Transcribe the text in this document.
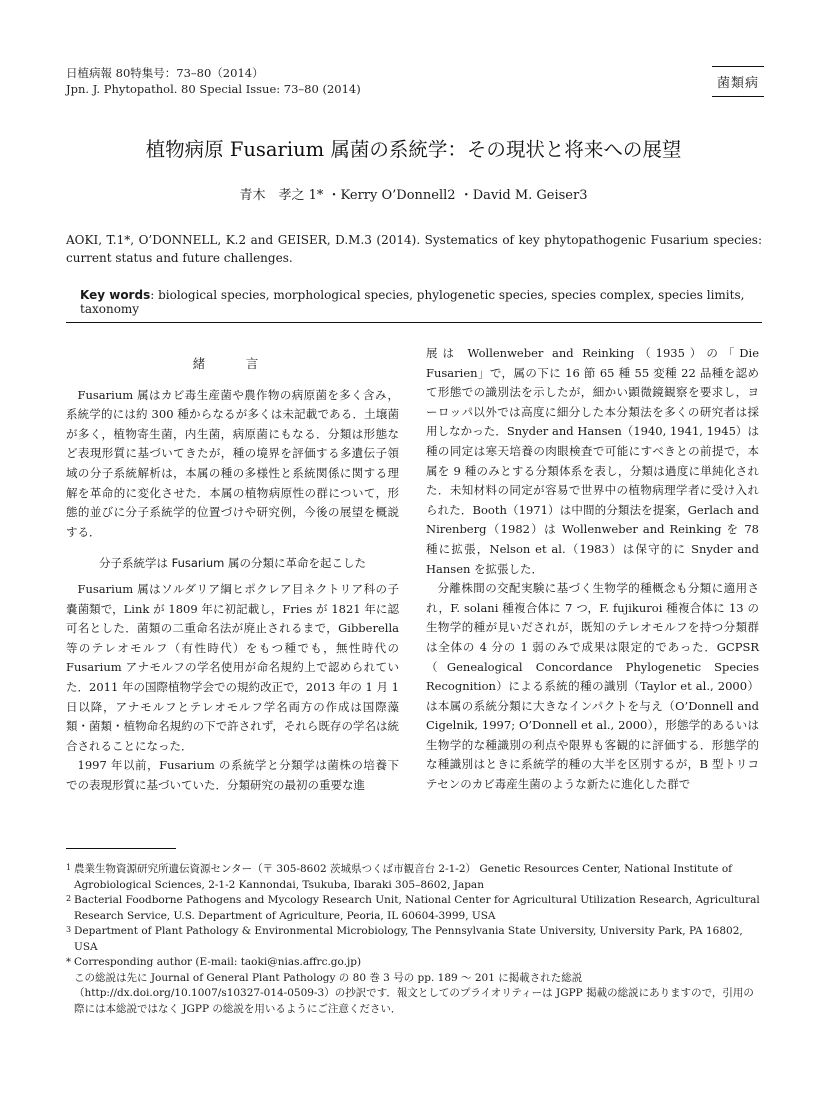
日植病報 80特集号：73–80（2014）
Jpn. J. Phytopathol. 80 Special Issue: 73–80 (2014)	菌類病
植物病原 Fusarium 属菌の系統学：その現状と将来への展望
青木　孝之 1* ・Kerry O’Donnell2 ・David M. Geiser3
AOKI, T.1*, O’DONNELL, K.2 and GEISER, D.M.3 (2014). Systematics of key phytopathogenic Fusarium species: current status and future challenges.
Key words: biological species, morphological species, phylogenetic species, species complex, species limits, taxonomy
緒　言

Fusarium 属はカビ毒生産菌や農作物の病原菌を多く含み，系統学的には約 300 種からなるが多くは未記載である．土壌菌が多く，植物寄生菌，内生菌，病原菌にもなる．分類は形態など表現形質に基づいてきたが，種の境界を評価する多遺伝子領域の分子系統解析は，本属の種の多様性と系統関係に関する理解を革命的に変化させた．本属の植物病原性の群について，形態的並びに分子系統学的位置づけや研究例，今後の展望を概説する．

分子系統学は Fusarium 属の分類に革命を起こした

Fusarium 属はソルダリア綱ヒポクレア目ネクトリア科の子嚢菌類で，Link が 1809 年に初記載し，Fries が 1821 年に認可名とした．菌類の二重命名法が廃止されるまで，Gibberella 等のテレオモルフ（有性時代）をもつ種でも，無性時代の Fusarium アナモルフの学名使用が命名規約上で認められていた．2011 年の国際植物学会での規約改正で，2013 年の 1 月 1 日以降，アナモルフとテレオモルフ学名両方の作成は国際藻類・菌類・植物命名規約の下で許されず，それら既存の学名は統合されることになった．

1997 年以前，Fusarium の系統学と分類学は菌株の培養下での表現形質に基づいていた．分類研究の最初の重要な進

展は Wollenweber and Reinking（1935）の「Die Fusarien」で，属の下に 16 節 65 種 55 変種 22 品種を認めて形態での識別法を示したが，細かい顕微鏡観察を要求し，ヨーロッパ以外では高度に細分した本分類法を多くの研究者は採用しなかった．Snyder and Hansen（1940, 1941, 1945）は種の同定は寒天培養の肉眼検査で可能にすべきとの前提で，本属を 9 種のみとする分類体系を表し，分類は過度に単純化された．未知材料の同定が容易で世界中の植物病理学者に受け入れられた．Booth（1971）は中間的分類法を提案，Gerlach and Nirenberg（1982）は Wollenweber and Reinking を 78 種に拡張，Nelson et al.（1983）は保守的に Snyder and Hansen を拡張した．

分離株間の交配実験に基づく生物学的種概念も分類に適用され，F. solani 種複合体に 7 つ，F. fujikuroi 種複合体に 13 の生物学的種が見いだされが，既知のテレオモルフを持つ分類群は全体の 4 分の 1 弱のみで成果は限定的であった．GCPSR（Genealogical Concordance Phylogenetic Species Recognition）による系統的種の識別（Taylor et al., 2000）は本属の系統分類に大きなインパクトを与え（O’Donnell and Cigelnik, 1997; O’Donnell et al., 2000），形態学的あるいは生物学的な種識別の利点や限界も客観的に評価する．形態学的な種識別はときに系統学的種の大半を区別するが，B 型トリコテセンのカビ毒産生菌のような新たに進化した群で

1 農業生物資源研究所遺伝資源センター（〒 305-8602 茨城県つくば市観音台 2-1-2） Genetic Resources Center, National Institute of Agrobiological Sciences, 2-1-2 Kannondai, Tsukuba, Ibaraki 305–8602, Japan
2 Bacterial Foodborne Pathogens and Mycology Research Unit, National Center for Agricultural Utilization Research, Agricultural Research Service, U.S. Department of Agriculture, Peoria, IL 60604-3999, USA
3 Department of Plant Pathology & Environmental Microbiology, The Pennsylvania State University, University Park, PA 16802, USA
* Corresponding author (E-mail: taoki@nias.affrc.go.jp)
この総説は先に Journal of General Plant Pathology の 80 巻 3 号の pp. 189 ～ 201 に掲載された総説（http://dx.doi.org/10.1007/s10327-014-0509-3）の抄訳です．報文としてのプライオリティーは JGPP 掲載の総説にありますので，引用の際には本総説ではなく JGPP の総説を用いるようにご注意ください．
